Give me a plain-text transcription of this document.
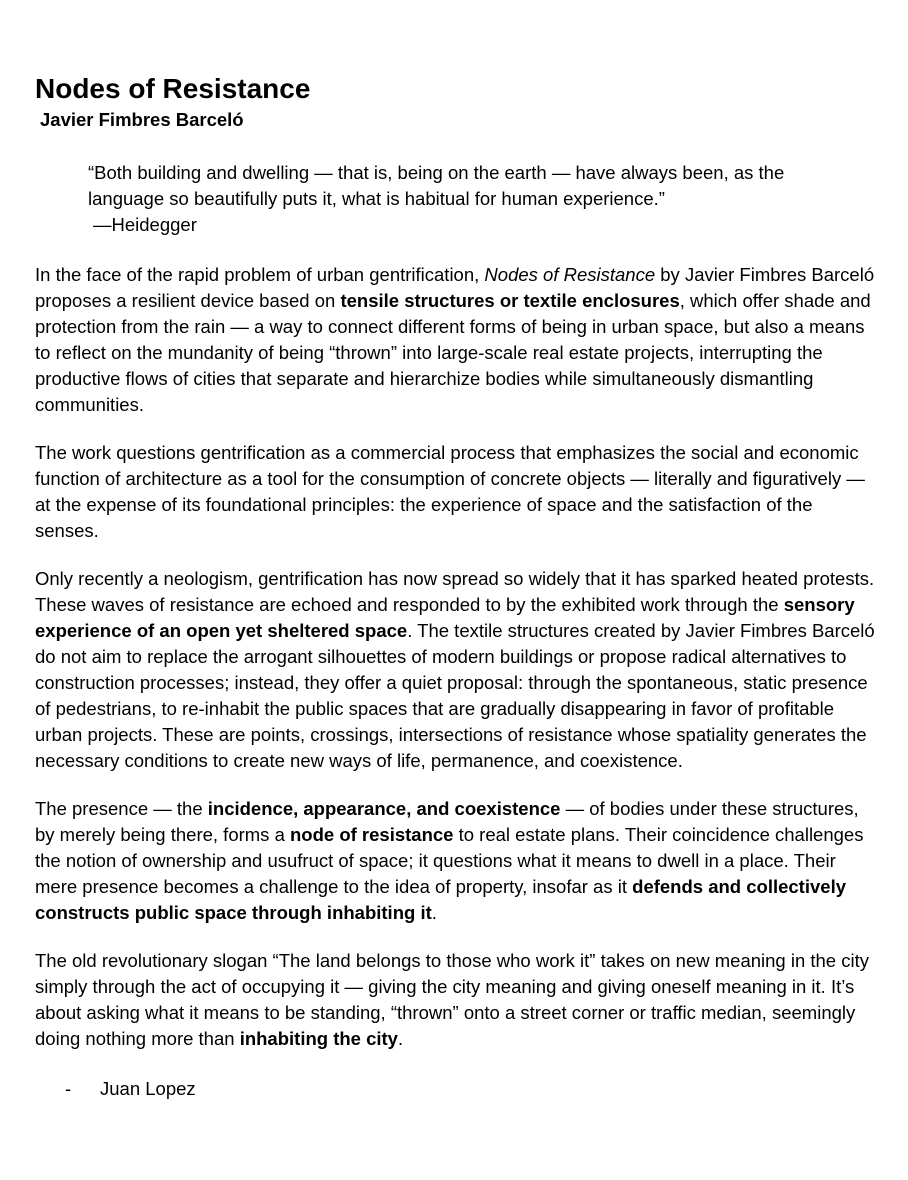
Nodes of Resistance
Javier Fimbres Barceló
“Both building and dwelling — that is, being on the earth — have always been, as the language so beautifully puts it, what is habitual for human experience.”
—Heidegger

In the face of the rapid problem of urban gentrification, Nodes of Resistance by Javier Fimbres Barceló proposes a resilient device based on tensile structures or textile enclosures, which offer shade and protection from the rain — a way to connect different forms of being in urban space, but also a means to reflect on the mundanity of being “thrown” into large-scale real estate projects, interrupting the productive flows of cities that separate and hierarchize bodies while simultaneously dismantling communities.

The work questions gentrification as a commercial process that emphasizes the social and economic function of architecture as a tool for the consumption of concrete objects — literally and figuratively — at the expense of its foundational principles: the experience of space and the satisfaction of the senses.

Only recently a neologism, gentrification has now spread so widely that it has sparked heated protests. These waves of resistance are echoed and responded to by the exhibited work through the sensory experience of an open yet sheltered space. The textile structures created by Javier Fimbres Barceló do not aim to replace the arrogant silhouettes of modern buildings or propose radical alternatives to construction processes; instead, they offer a quiet proposal: through the spontaneous, static presence of pedestrians, to re-inhabit the public spaces that are gradually disappearing in favor of profitable urban projects. These are points, crossings, intersections of resistance whose spatiality generates the necessary conditions to create new ways of life, permanence, and coexistence.

The presence — the incidence, appearance, and coexistence — of bodies under these structures, by merely being there, forms a node of resistance to real estate plans. Their coincidence challenges the notion of ownership and usufruct of space; it questions what it means to dwell in a place. Their mere presence becomes a challenge to the idea of property, insofar as it defends and collectively constructs public space through inhabiting it.

The old revolutionary slogan “The land belongs to those who work it” takes on new meaning in the city simply through the act of occupying it — giving the city meaning and giving oneself meaning in it. It’s about asking what it means to be standing, “thrown” onto a street corner or traffic median, seemingly doing nothing more than inhabiting the city.

-	Juan Lopez
